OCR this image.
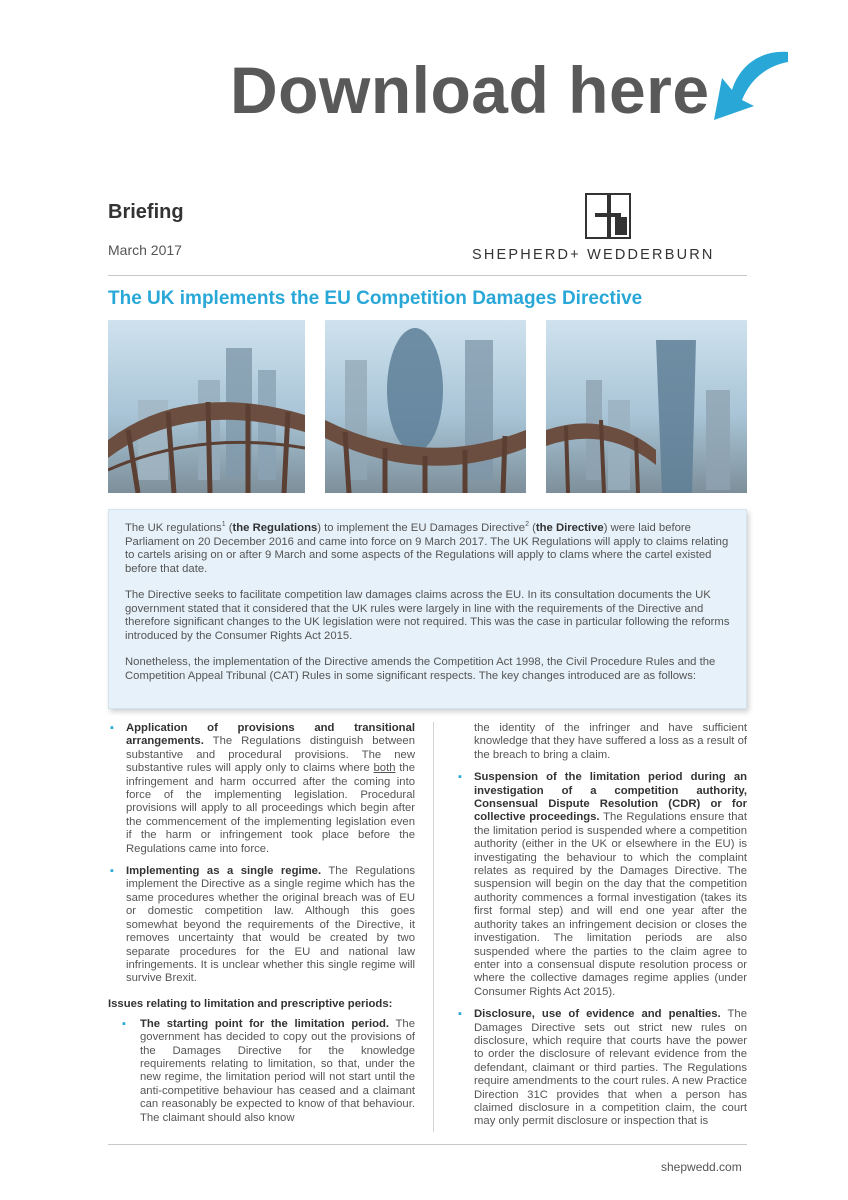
Download here
Briefing
March 2017	SHEPHERD+ WEDDERBURN
The UK implements the EU Competition Damages Directive

The UK regulations$^1$ (the Regulations) to implement the EU Damages Directive$^2$ (the Directive) were laid before Parliament on 20 December 2016 and came into force on 9 March 2017. The UK Regulations will apply to claims relating to cartels arising on or after 9 March and some aspects of the Regulations will apply to clams where the cartel existed before that date.

The Directive seeks to facilitate competition law damages claims across the EU. In its consultation documents the UK government stated that it considered that the UK rules were largely in line with the requirements of the Directive and therefore significant changes to the UK legislation were not required. This was the case in particular following the reforms introduced by the Consumer Rights Act 2015.

Nonetheless, the implementation of the Directive amends the Competition Act 1998, the Civil Procedure Rules and the Competition Appeal Tribunal (CAT) Rules in some significant respects. The key changes introduced are as follows:

▪ Application of provisions and transitional arrangements. The Regulations distinguish between substantive and procedural provisions. The new substantive rules will apply only to claims where both the infringement and harm occurred after the coming into force of the implementing legislation. Procedural provisions will apply to all proceedings which begin after the commencement of the implementing legislation even if the harm or infringement took place before the Regulations came into force.
▪ Implementing as a single regime. The Regulations implement the Directive as a single regime which has the same procedures whether the original breach was of EU or domestic competition law. Although this goes somewhat beyond the requirements of the Directive, it removes uncertainty that would be created by two separate procedures for the EU and national law infringements. It is unclear whether this single regime will survive Brexit.
Issues relating to limitation and prescriptive periods:
▪ The starting point for the limitation period. The government has decided to copy out the provisions of the Damages Directive for the knowledge requirements relating to limitation, so that, under the new regime, the limitation period will not start until the anti-competitive behaviour has ceased and a claimant can reasonably be expected to know of that behaviour. The claimant should also know
the identity of the infringer and have sufficient knowledge that they have suffered a loss as a result of the breach to bring a claim.
▪ Suspension of the limitation period during an investigation of a competition authority, Consensual Dispute Resolution (CDR) or for collective proceedings. The Regulations ensure that the limitation period is suspended where a competition authority (either in the UK or elsewhere in the EU) is investigating the behaviour to which the complaint relates as required by the Damages Directive. The suspension will begin on the day that the competition authority commences a formal investigation (takes its first formal step) and will end one year after the authority takes an infringement decision or closes the investigation. The limitation periods are also suspended where the parties to the claim agree to enter into a consensual dispute resolution process or where the collective damages regime applies (under Consumer Rights Act 2015).
▪ Disclosure, use of evidence and penalties. The Damages Directive sets out strict new rules on disclosure, which require that courts have the power to order the disclosure of relevant evidence from the defendant, claimant or third parties. The Regulations require amendments to the court rules. A new Practice Direction 31C provides that when a person has claimed disclosure in a competition claim, the court may only permit disclosure or inspection that is
shepwedd.com
